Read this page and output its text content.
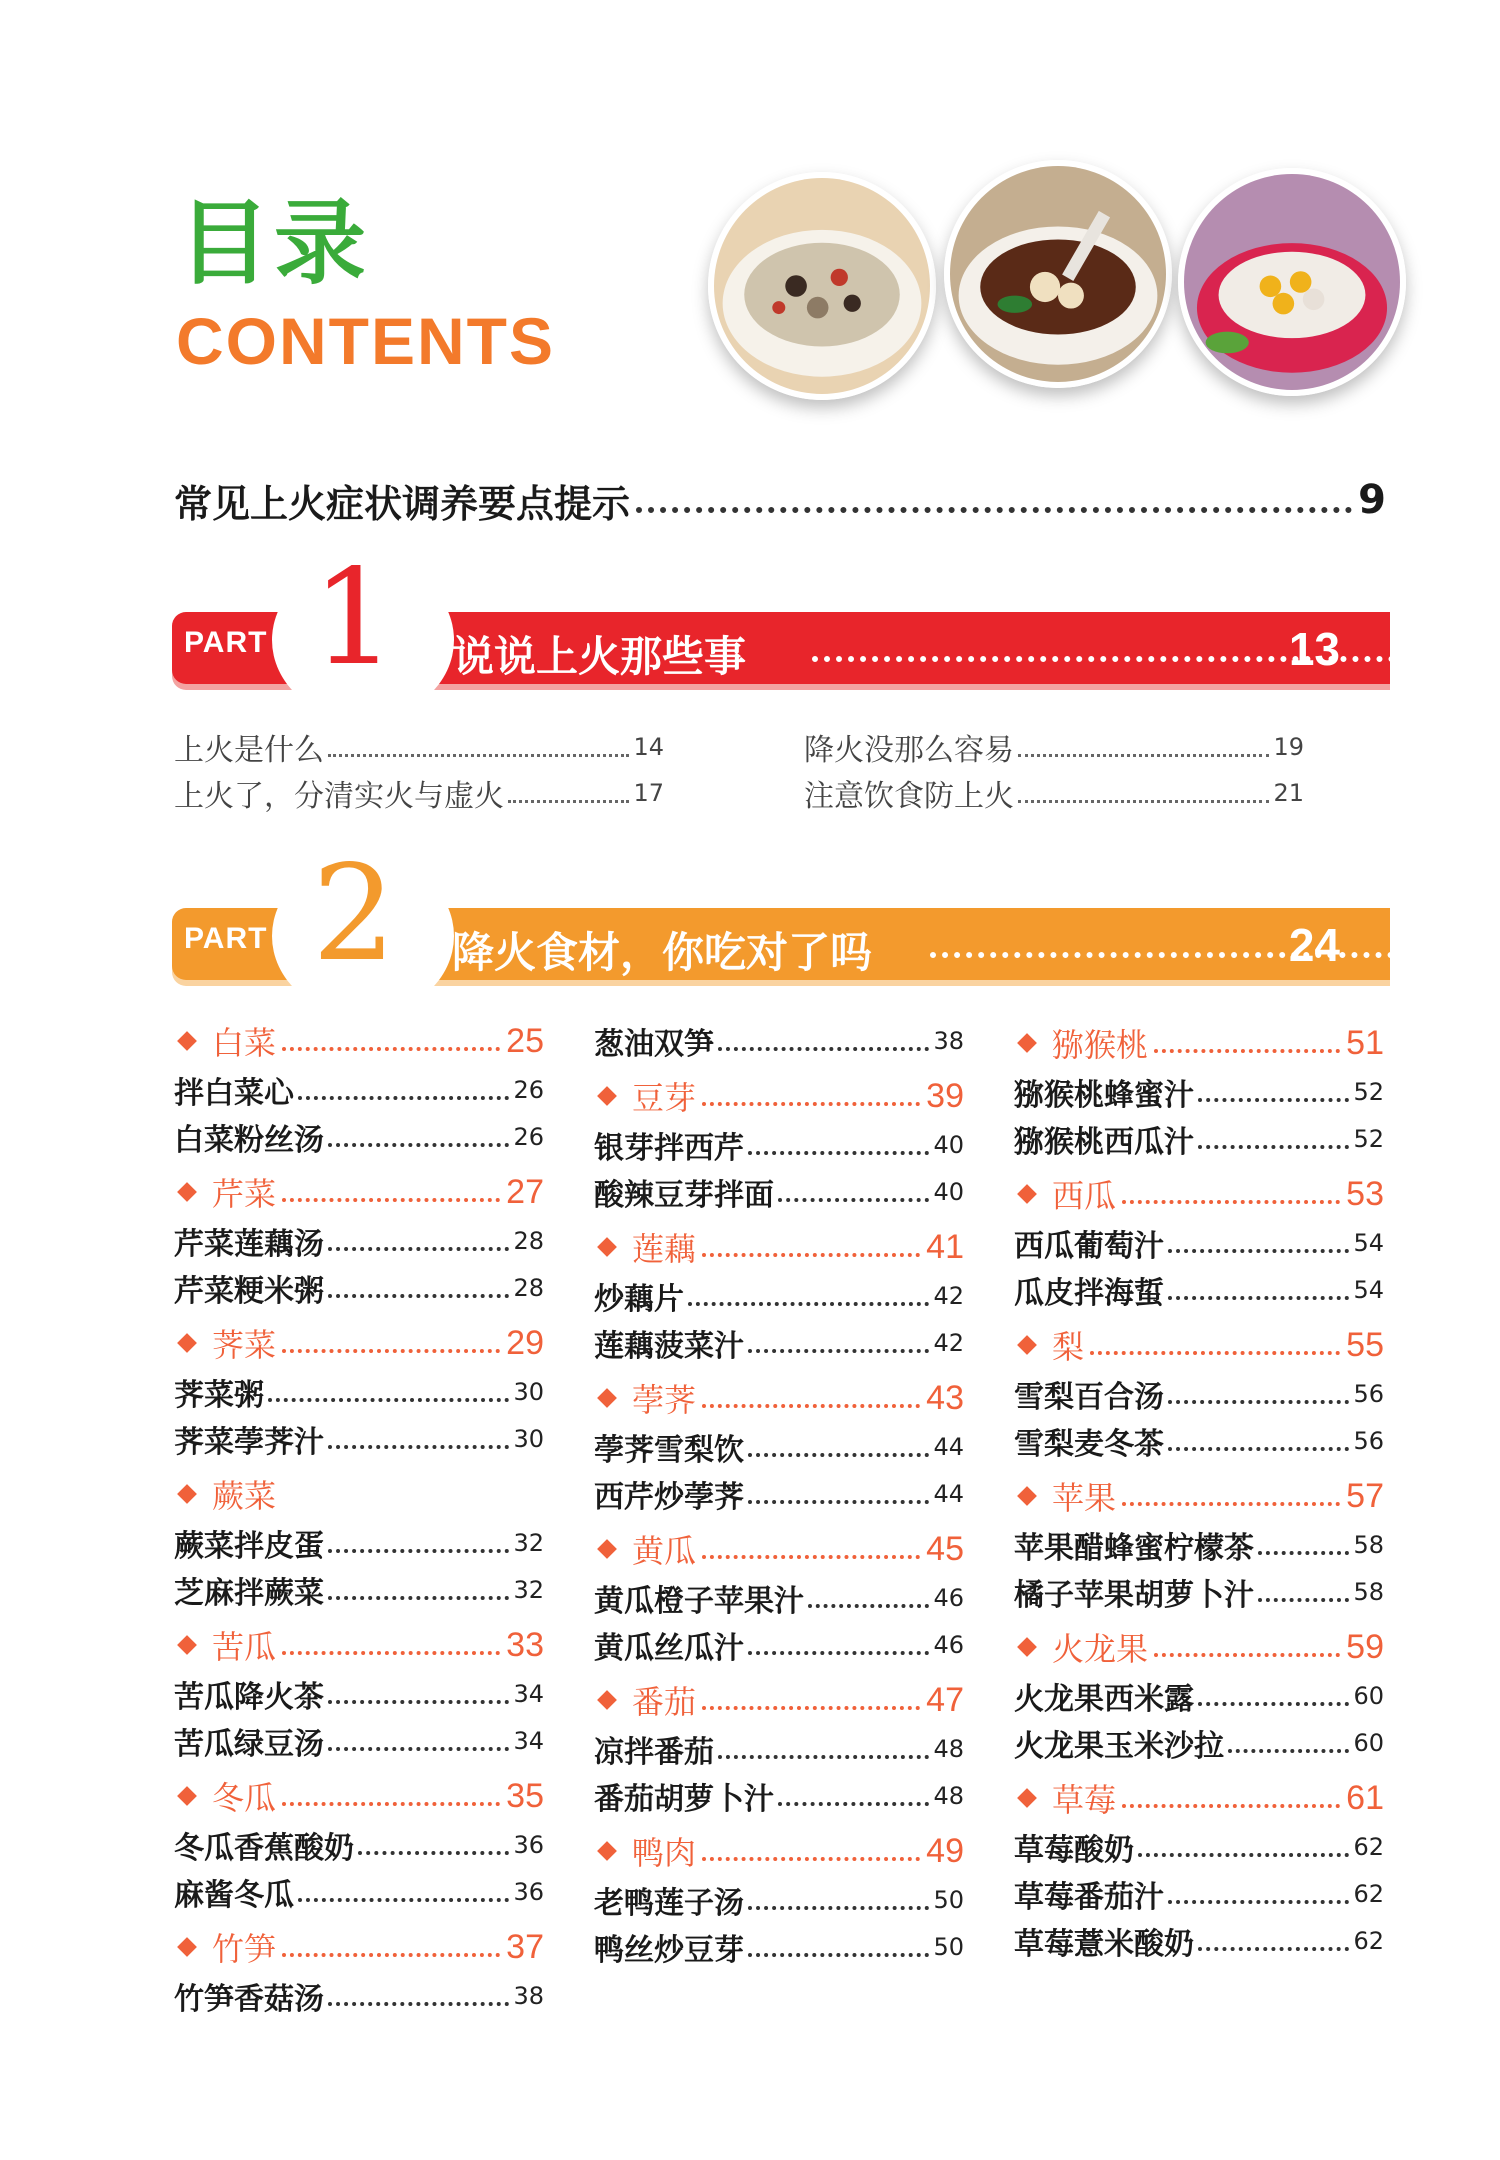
目录
CONTENTS
常见上火症状调养要点提示	9
PART 1 说说上火那些事	13
上火是什么	14
上火了，分清实火与虚火	17
降火没那么容易	19
注意饮食防上火	21
PART 2 降火食材，你吃对了吗	24
白菜	25
拌白菜心	26
白菜粉丝汤	26
芹菜	27
芹菜莲藕汤	28
芹菜粳米粥	28
荠菜	29
荠菜粥	30
荠菜荸荠汁	30
蕨菜
蕨菜拌皮蛋	32
芝麻拌蕨菜	32
苦瓜	33
苦瓜降火茶	34
苦瓜绿豆汤	34
冬瓜	35
冬瓜香蕉酸奶	36
麻酱冬瓜	36
竹笋	37
竹笋香菇汤	38
葱油双笋	38
豆芽	39
银芽拌西芹	40
酸辣豆芽拌面	40
莲藕	41
炒藕片	42
莲藕菠菜汁	42
荸荠	43
荸荠雪梨饮	44
西芹炒荸荠	44
黄瓜	45
黄瓜橙子苹果汁	46
黄瓜丝瓜汁	46
番茄	47
凉拌番茄	48
番茄胡萝卜汁	48
鸭肉	49
老鸭莲子汤	50
鸭丝炒豆芽	50
猕猴桃	51
猕猴桃蜂蜜汁	52
猕猴桃西瓜汁	52
西瓜	53
西瓜葡萄汁	54
瓜皮拌海蜇	54
梨	55
雪梨百合汤	56
雪梨麦冬茶	56
苹果	57
苹果醋蜂蜜柠檬茶	58
橘子苹果胡萝卜汁	58
火龙果	59
火龙果西米露	60
火龙果玉米沙拉	60
草莓	61
草莓酸奶	62
草莓番茄汁	62
草莓薏米酸奶	62
